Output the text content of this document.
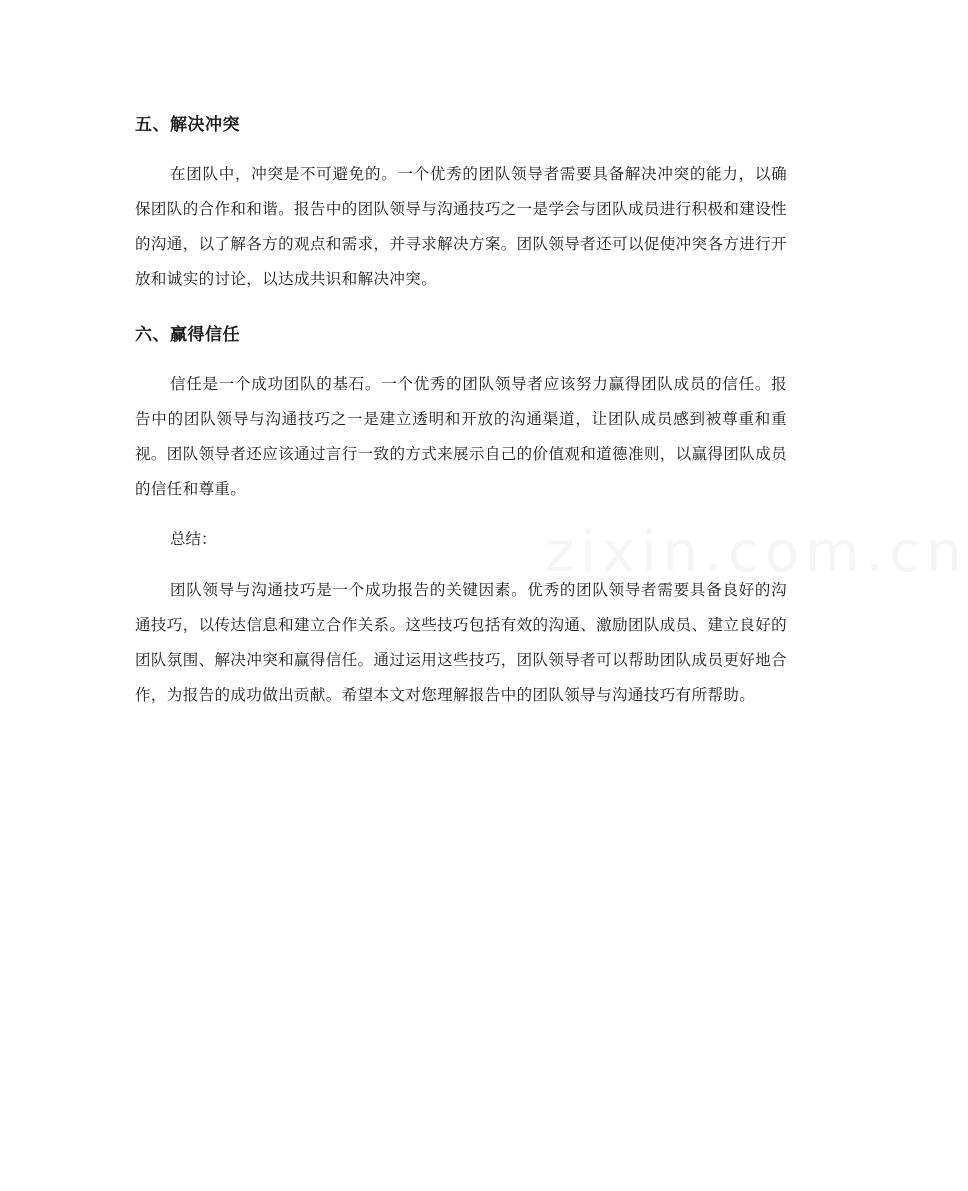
五、解决冲突

在团队中，冲突是不可避免的。一个优秀的团队领导者需要具备解决冲突的能力，以确保团队的合作和和谐。报告中的团队领导与沟通技巧之一是学会与团队成员进行积极和建设性的沟通，以了解各方的观点和需求，并寻求解决方案。团队领导者还可以促使冲突各方进行开放和诚实的讨论，以达成共识和解决冲突。

六、赢得信任

信任是一个成功团队的基石。一个优秀的团队领导者应该努力赢得团队成员的信任。报告中的团队领导与沟通技巧之一是建立透明和开放的沟通渠道，让团队成员感到被尊重和重视。团队领导者还应该通过言行一致的方式来展示自己的价值观和道德准则，以赢得团队成员的信任和尊重。

总结：

团队领导与沟通技巧是一个成功报告的关键因素。优秀的团队领导者需要具备良好的沟通技巧，以传达信息和建立合作关系。这些技巧包括有效的沟通、激励团队成员、建立良好的团队氛围、解决冲突和赢得信任。通过运用这些技巧，团队领导者可以帮助团队成员更好地合作，为报告的成功做出贡献。希望本文对您理解报告中的团队领导与沟通技巧有所帮助。

zixin.com.cn
